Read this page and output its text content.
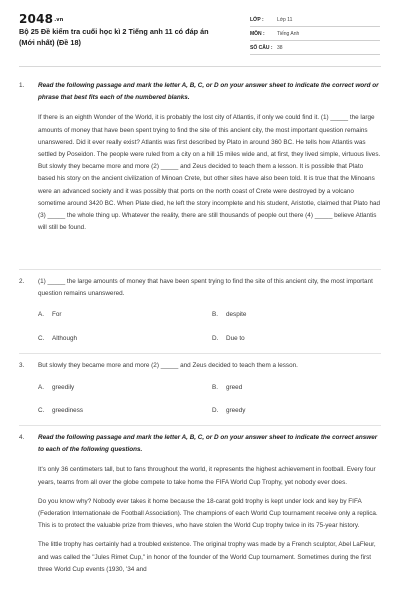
$2048^{.vn}$
Bộ 25 Đề kiểm tra cuối học kì 2 Tiếng anh 11 có đáp án (Mới nhất) (Đề 18)
LỚP :	Lớp 11
MÔN :	Tiếng Anh
SỐ CÂU : 38
1.	Read the following passage and mark the letter A, B, C, or D on your answer sheet to indicate the correct word or phrase that best fits each of the numbered blanks.

If there is an eighth Wonder of the World, it is probably the lost city of Atlantis, if only we could find it. (1) _____ the large amounts of money that have been spent trying to find the site of this ancient city, the most important question remains unanswered. Did it ever really exist? Atlantis was first described by Plato in around 360 BC. He tells how Atlantis was settled by Poseidon. The people were ruled from a city on a hill 15 miles wide and, at first, they lived simple, virtuous lives. But slowly they became more and more (2) _____ and Zeus decided to teach them a lesson. It is possible that Plato based his story on the ancient civilization of Minoan Crete, but other sites have also been told. It is true that the Minoans were an advanced society and it was possibly that ports on the north coast of Crete were destroyed by a volcano sometime around 3420 BC. When Plate died, he left the story incomplete and his student, Aristotle, claimed that Plato had (3) _____ the whole thing up. Whatever the reality, there are still thousands of people out there (4) _____ believe Atlantis will still be found.

2.	(1) _____ the large amounts of money that have been spent trying to find the site of this ancient city, the most important question remains unanswered.
A. For	B. despite
C. Although	D. Due to
3.	But slowly they became more and more (2) _____ and Zeus decided to teach them a lesson.
A. greedily	B. greed
C. greediness	D. greedy
4.	Read the following passage and mark the letter A, B, C, or D on your answer sheet to indicate the correct answer to each of the following questions.

It's only 36 centimeters tall, but to fans throughout the world, it represents the highest achievement in football. Every four years, teams from all over the globe compete to take home the FIFA World Cup Trophy, yet nobody ever does.

Do you know why? Nobody ever takes it home because the 18-carat gold trophy is kept under lock and key by FIFA (Federation Internationale de Football Association). The champions of each World Cup tournament receive only a replica. This is to protect the valuable prize from thieves, who have stolen the World Cup trophy twice in its 75-year history.

The little trophy has certainly had a troubled existence. The original trophy was made by a French sculptor, Abel LaFleur, and was called the "Jules Rimet Cup," in honor of the founder of the World Cup tournament. Sometimes during the first three World Cup events (1930, '34 and
